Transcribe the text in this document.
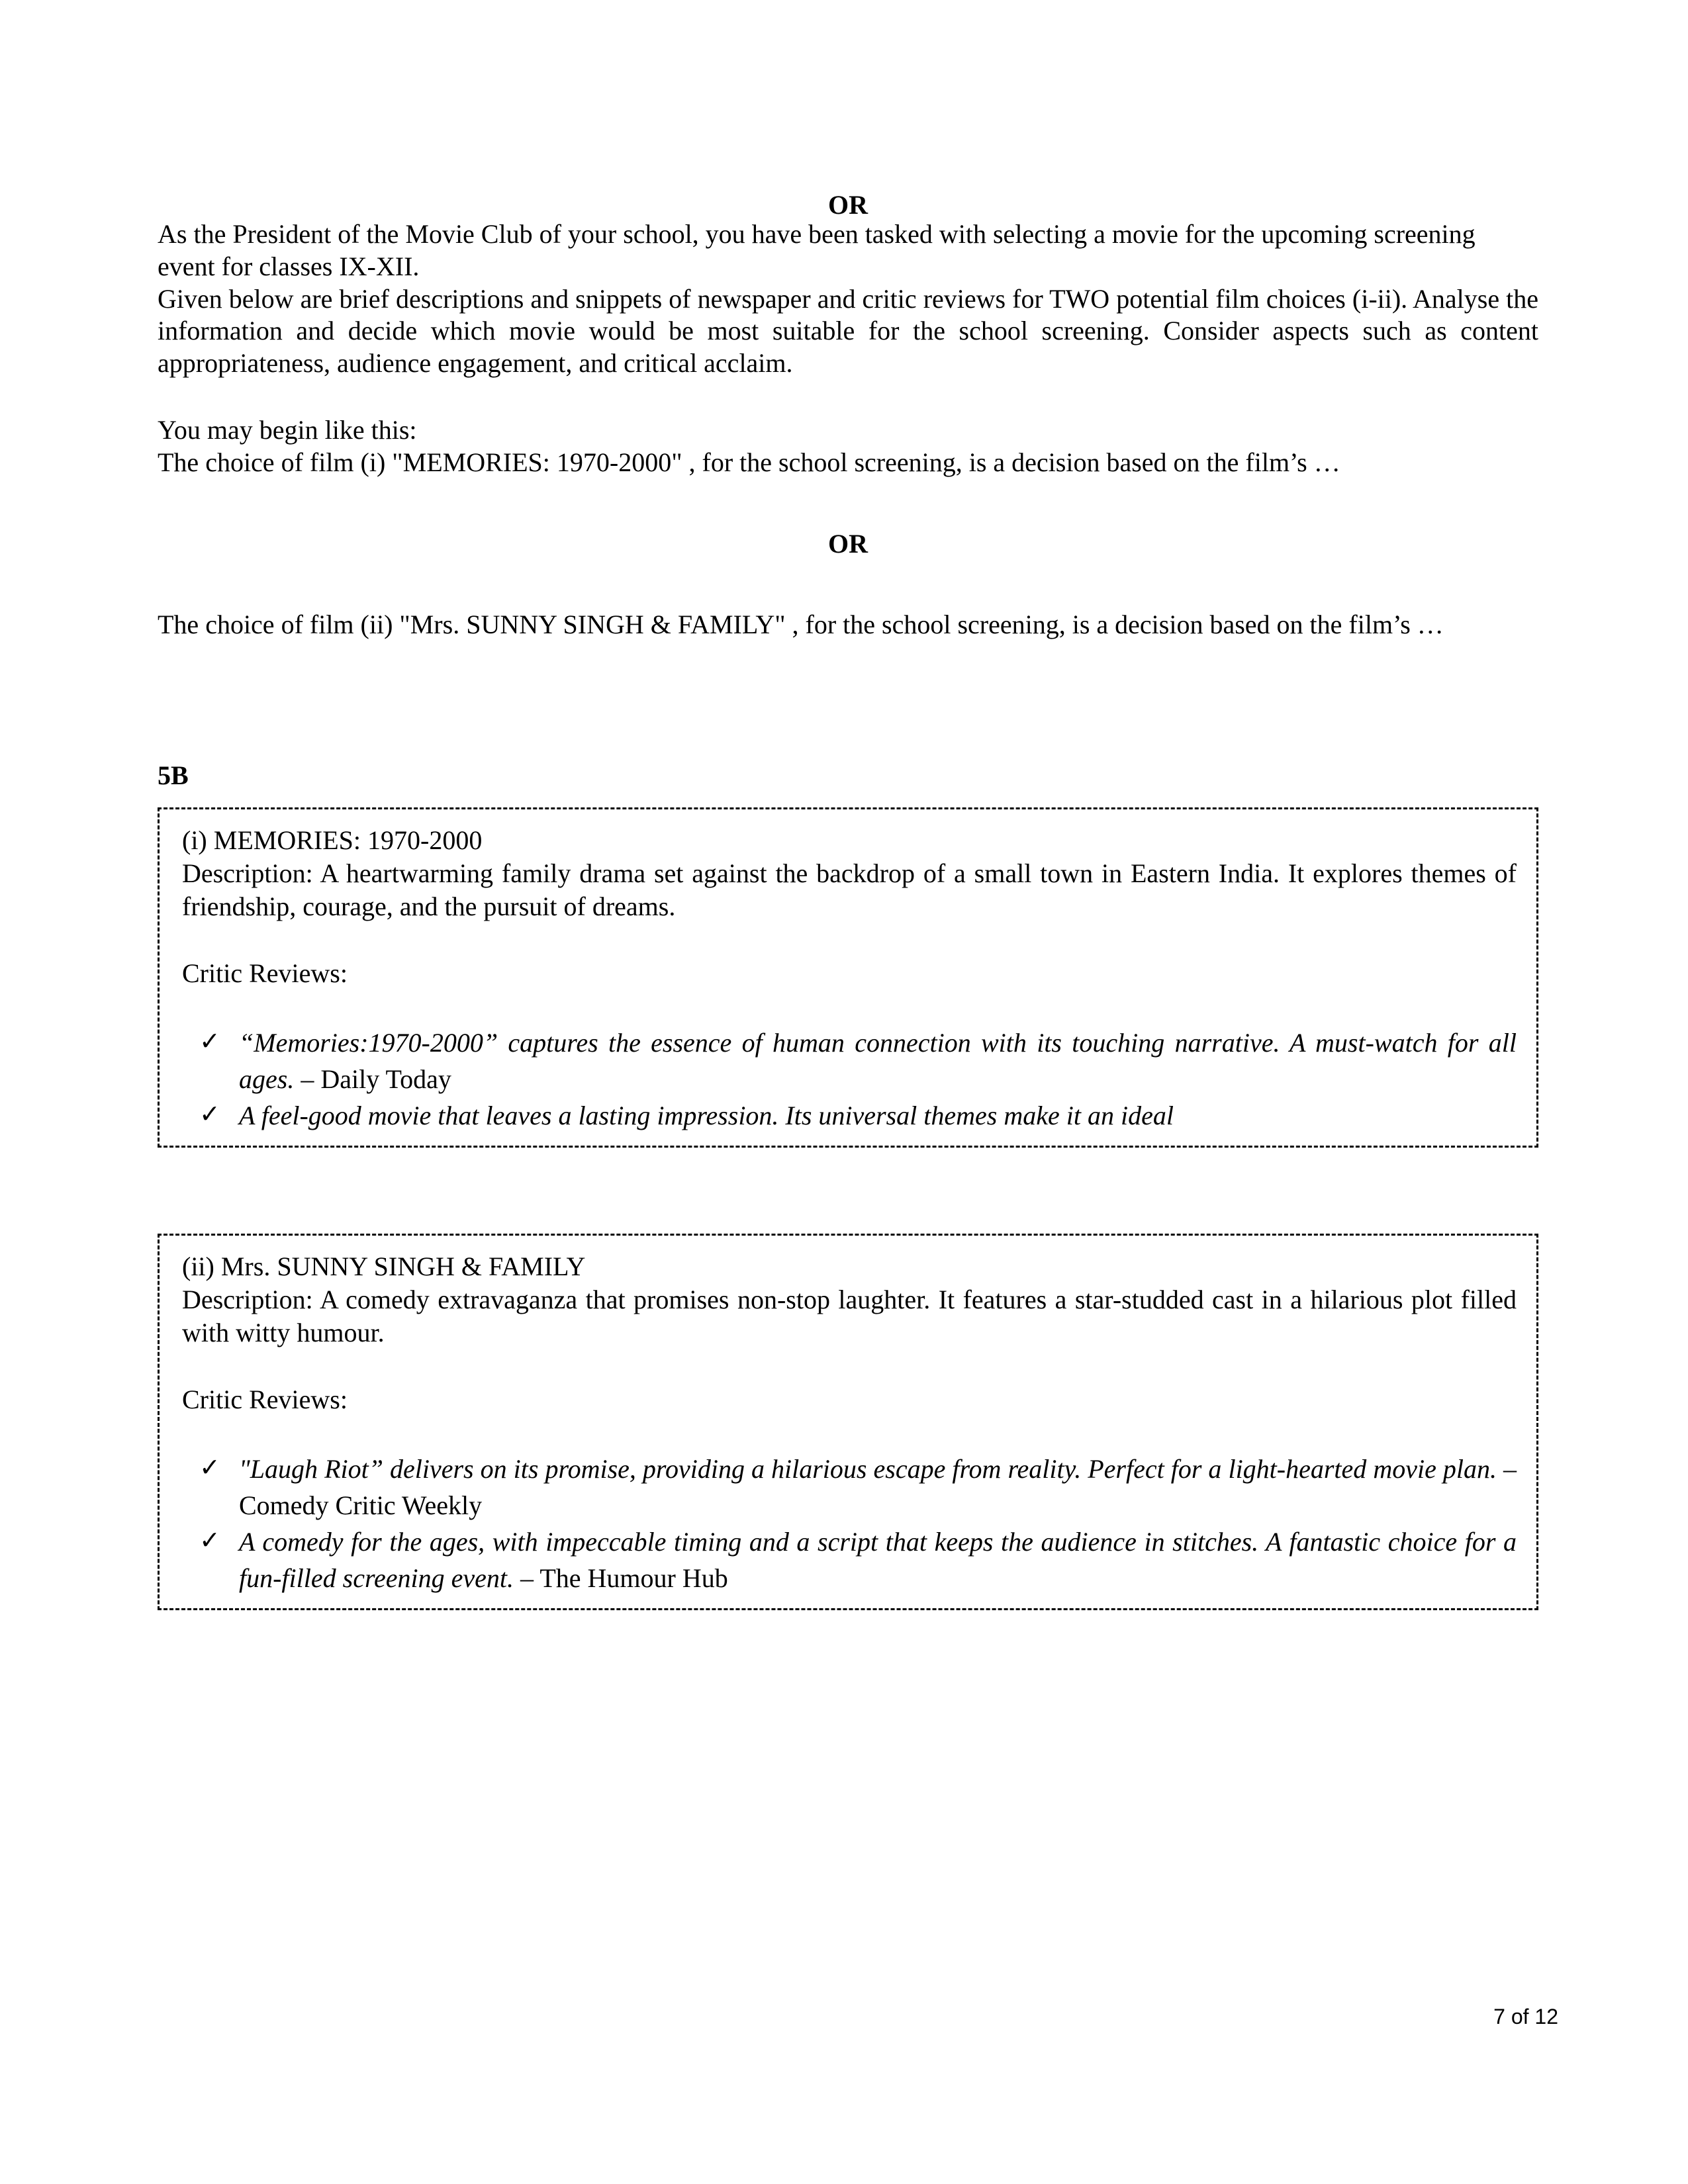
OR

As the President of the Movie Club of your school, you have been tasked with selecting a movie for the upcoming screening event for classes IX-XII.

Given below are brief descriptions and snippets of newspaper and critic reviews for TWO potential film choices (i-ii). Analyse the information and decide which movie would be most suitable for the school screening. Consider aspects such as content appropriateness, audience engagement, and critical acclaim.

You may begin like this:

The choice of film (i) "MEMORIES: 1970-2000" , for the school screening, is a decision based on the film’s …

OR

The choice of film (ii) "Mrs. SUNNY SINGH & FAMILY" , for the school screening, is a decision based on the film’s …

5B

(i) MEMORIES: 1970-2000

Description: A heartwarming family drama set against the backdrop of a small town in Eastern India. It explores themes of friendship, courage, and the pursuit of dreams.

Critic Reviews:

✓ “Memories:1970-2000” captures the essence of human connection with its touching narrative. A must-watch for all ages. – Daily Today
✓ A feel-good movie that leaves a lasting impression. Its universal themes make it an ideal

(ii) Mrs. SUNNY SINGH & FAMILY

Description: A comedy extravaganza that promises non-stop laughter. It features a star-studded cast in a hilarious plot filled with witty humour.

Critic Reviews:

✓ "Laugh Riot” delivers on its promise, providing a hilarious escape from reality. Perfect for a light-hearted movie plan. – Comedy Critic Weekly
✓ A comedy for the ages, with impeccable timing and a script that keeps the audience in stitches. A fantastic choice for a fun-filled screening event. – The Humour Hub
7 of 12
